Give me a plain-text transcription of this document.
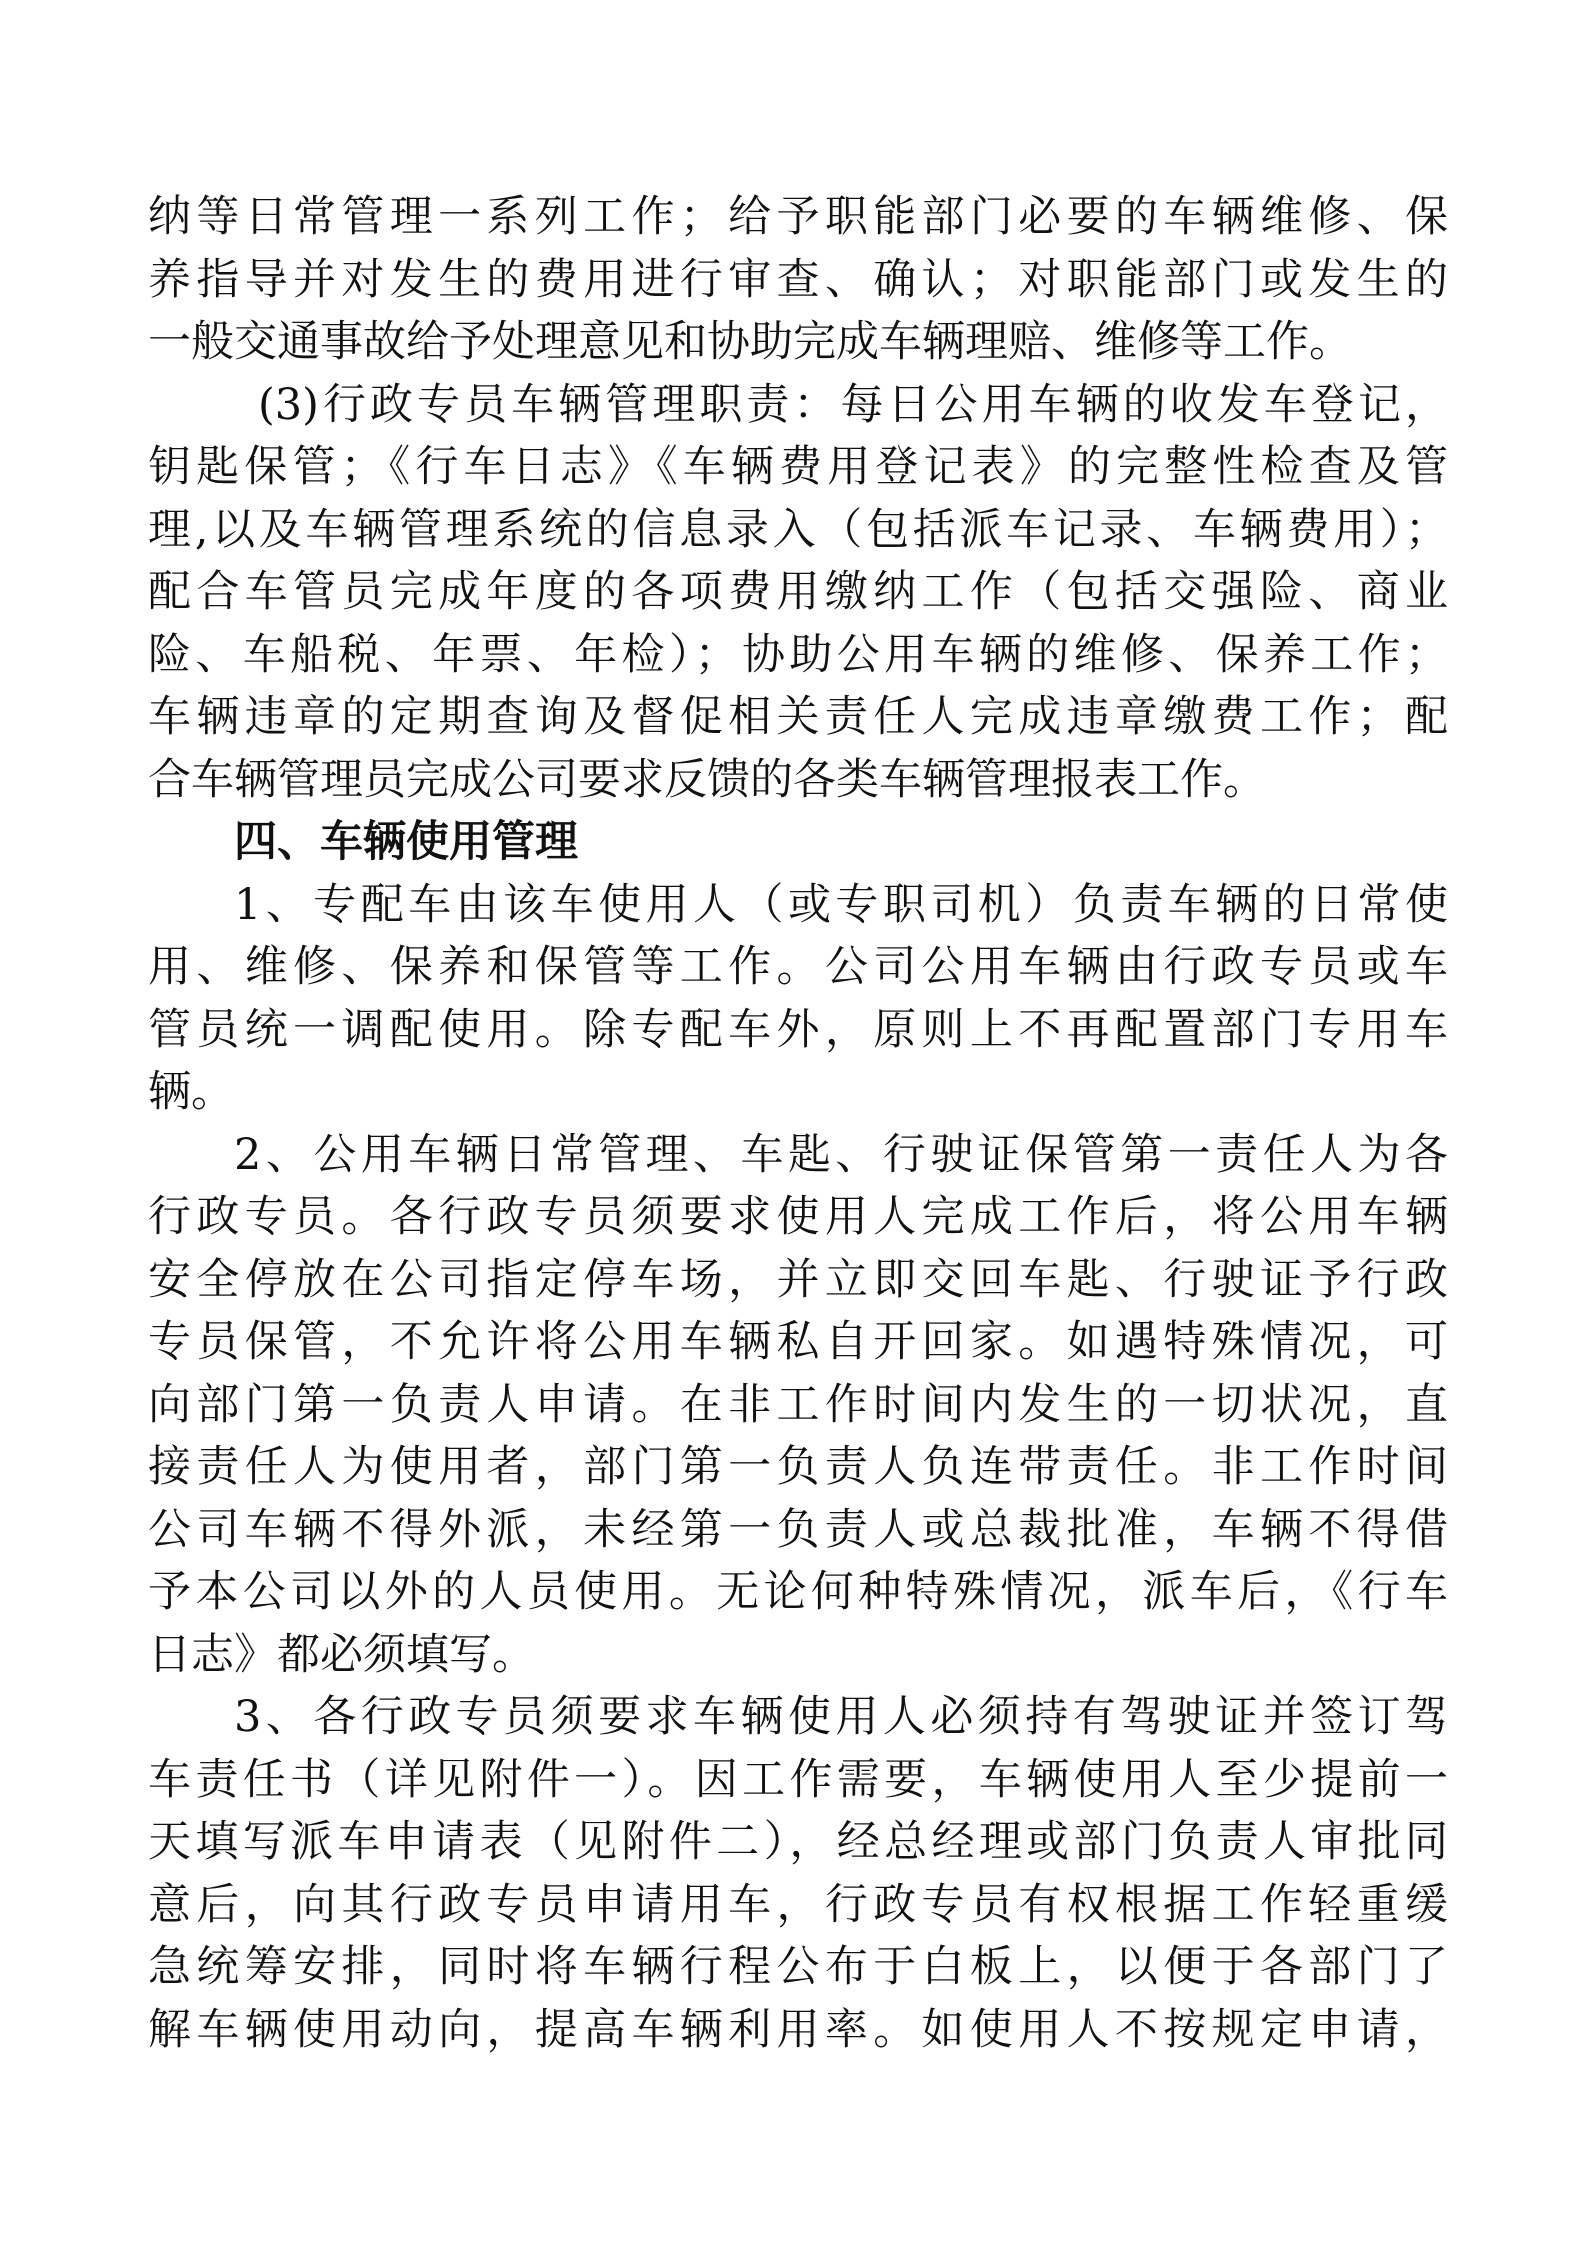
纳等日常管理一系列工作；给予职能部门必要的车辆维修、保
养指导并对发生的费用进行审查、确认；对职能部门或发生的
一般交通事故给予处理意见和协助完成车辆理赔、维修等工作。
(3)行政专员车辆管理职责：每日公用车辆的收发车登记，
钥匙保管；《行车日志》《车辆费用登记表》的完整性检查及管
理,以及车辆管理系统的信息录入（包括派车记录、车辆费用）；
配合车管员完成年度的各项费用缴纳工作（包括交强险、商业
险、车船税、年票、年检）；协助公用车辆的维修、保养工作；
车辆违章的定期查询及督促相关责任人完成违章缴费工作；配
合车辆管理员完成公司要求反馈的各类车辆管理报表工作。
四、车辆使用管理
1、专配车由该车使用人（或专职司机）负责车辆的日常使
用、维修、保养和保管等工作。公司公用车辆由行政专员或车
管员统一调配使用。除专配车外，原则上不再配置部门专用车
辆。
2、公用车辆日常管理、车匙、行驶证保管第一责任人为各
行政专员。各行政专员须要求使用人完成工作后，将公用车辆
安全停放在公司指定停车场，并立即交回车匙、行驶证予行政
专员保管，不允许将公用车辆私自开回家。如遇特殊情况，可
向部门第一负责人申请。在非工作时间内发生的一切状况，直
接责任人为使用者，部门第一负责人负连带责任。非工作时间
公司车辆不得外派，未经第一负责人或总裁批准，车辆不得借
予本公司以外的人员使用。无论何种特殊情况，派车后，《行车
日志》都必须填写。
3、各行政专员须要求车辆使用人必须持有驾驶证并签订驾
车责任书（详见附件一）。因工作需要，车辆使用人至少提前一
天填写派车申请表（见附件二），经总经理或部门负责人审批同
意后，向其行政专员申请用车，行政专员有权根据工作轻重缓
急统筹安排，同时将车辆行程公布于白板上，以便于各部门了
解车辆使用动向，提高车辆利用率。如使用人不按规定申请，
